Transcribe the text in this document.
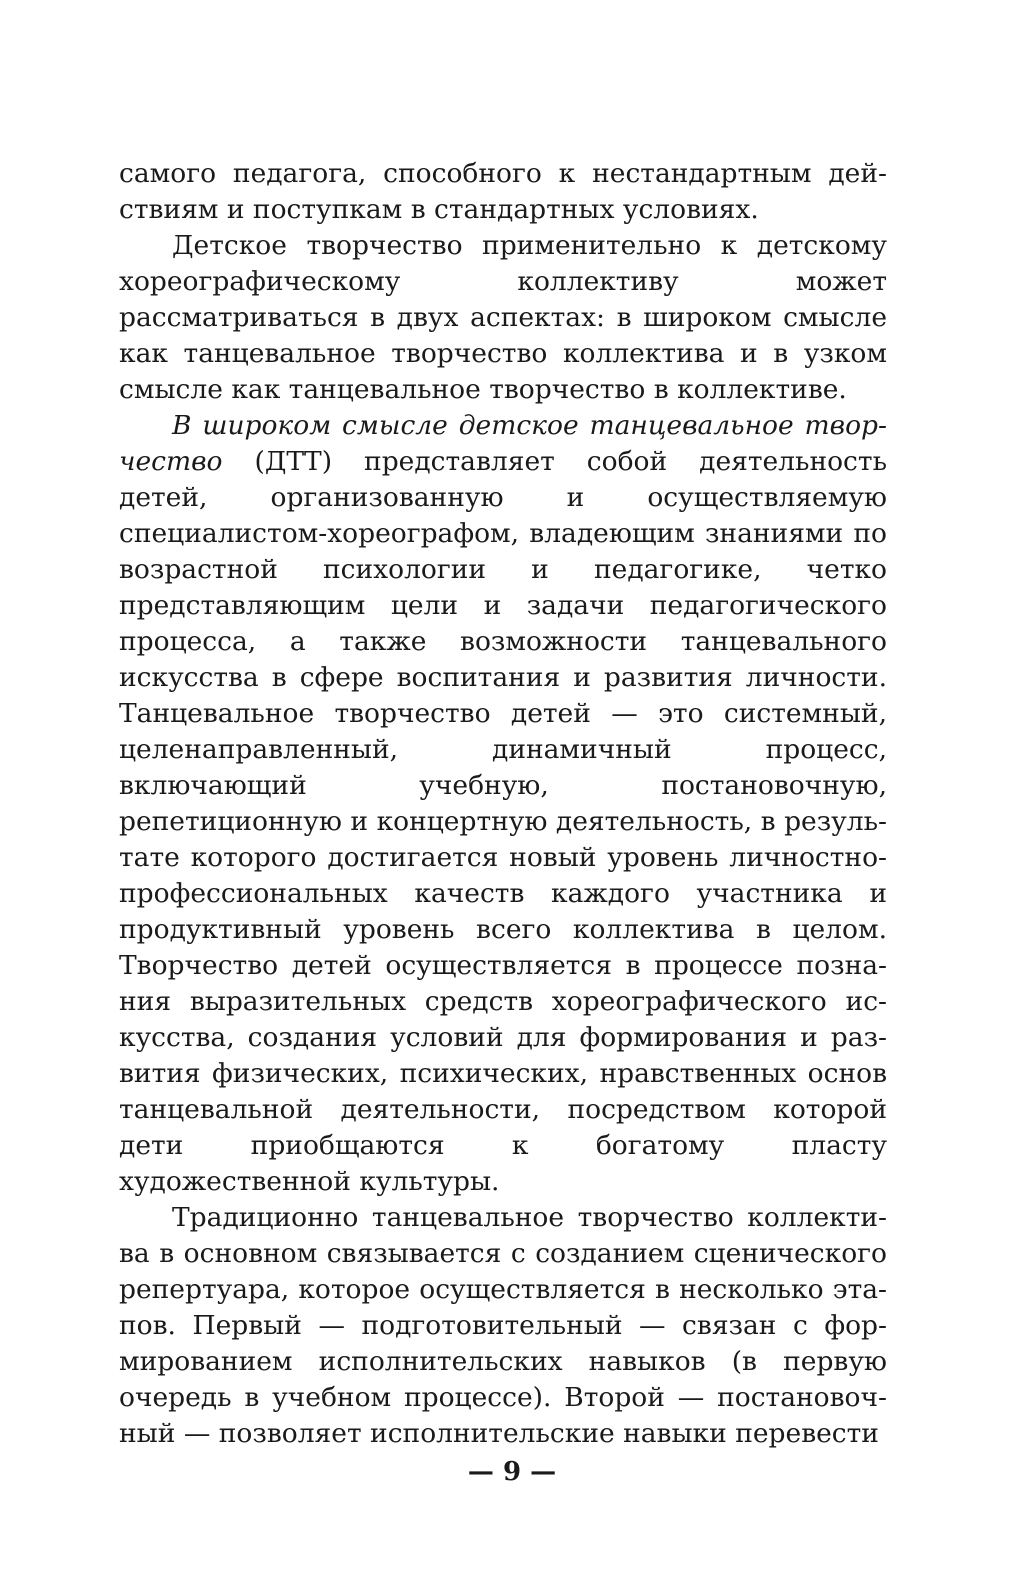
самого педагога, способного к нестандартным действиям и поступкам в стандартных условиях.

Детское творчество применительно к детскому хореографическому коллективу может рассматриваться в двух аспектах: в широком смысле как танцевальное творчество коллектива и в узком смысле как танцевальное творчество в коллективе.

В широком смысле детское танцевальное творчество (ДТТ) представляет собой деятельность детей, организованную и осуществляемую специалистом-хореографом, владеющим знаниями по возрастной психологии и педагогике, четко представляющим цели и задачи педагогического процесса, а также возможности танцевального искусства в сфере воспитания и развития личности. Танцевальное творчество детей — это системный, целенаправленный, динамичный процесс, включающий учебную, постановочную, репетиционную и концертную деятельность, в результате которого достигается новый уровень личностно-профессиональных качеств каждого участника и продуктивный уровень всего коллектива в целом. Творчество детей осуществляется в процессе познания выразительных средств хореографического искусства, создания условий для формирования и развития физических, психических, нравственных основ танцевальной деятельности, посредством которой дети приобщаются к богатому пласту художественной культуры.

Традиционно танцевальное творчество коллектива в основном связывается с созданием сценического репертуара, которое осуществляется в несколько этапов. Первый — подготовительный — связан с формированием исполнительских навыков (в первую очередь в учебном процессе). Второй — постановочный — позволяет исполнительские навыки перевести

— 9 —
